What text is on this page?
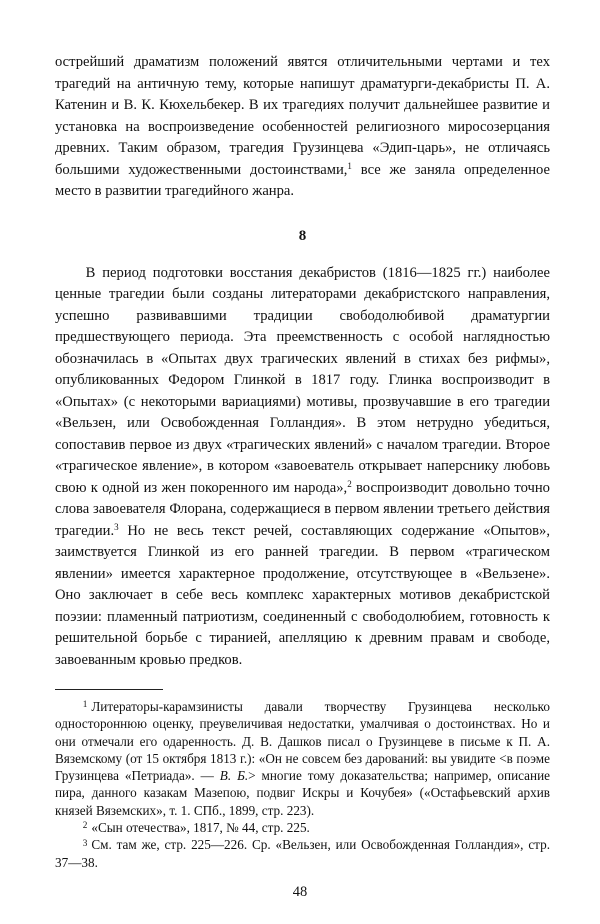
острейший драматизм положений явятся отличительными чертами и тех трагедий на античную тему, которые напишут драматурги-декабристы П. А. Катенин и В. К. Кюхельбекер. В их трагедиях получит дальнейшее развитие и установка на воспроизведение особенностей религиозного миросозерцания древних. Таким образом, трагедия Грузинцева «Эдип-царь», не отличаясь большими художественными достоинствами,$^1$ все же заняла определенное место в развитии трагедийного жанра.

8

В период подготовки восстания декабристов (1816—1825 гг.) наиболее ценные трагедии были созданы литераторами декабристского направления, успешно развивавшими традиции свободолюбивой драматургии предшествующего периода. Эта преемственность с особой наглядностью обозначилась в «Опытах двух трагических явлений в стихах без рифмы», опубликованных Федором Глинкой в 1817 году. Глинка воспроизводит в «Опытах» (с некоторыми вариациями) мотивы, прозвучавшие в его трагедии «Вельзен, или Освобожденная Голландия». В этом нетрудно убедиться, сопоставив первое из двух «трагических явлений» с началом трагедии. Второе «трагическое явление», в котором «завоеватель открывает наперснику любовь свою к одной из жен покоренного им народа»,$^2$ воспроизводит довольно точно слова завоевателя Флорана, содержащиеся в первом явлении третьего действия трагедии.$^3$ Но не весь текст речей, составляющих содержание «Опытов», заимствуется Глинкой из его ранней трагедии. В первом «трагическом явлении» имеется характерное продолжение, отсутствующее в «Вельзене». Оно заключает в себе весь комплекс характерных мотивов декабристской поэзии: пламенный патриотизм, соединенный с свободолюбием, готовность к решительной борьбе с тиранией, апелляцию к древним правам и свободе, завоеванным кровью предков.

$^1$ Литераторы-карамзинисты давали творчеству Грузинцева несколько одностороннюю оценку, преувеличивая недостатки, умалчивая о достоинствах. Но и они отмечали его одаренность. Д. В. Дашков писал о Грузинцеве в письме к П. А. Вяземскому (от 15 октября 1813 г.): «Он не совсем без дарований: вы увидите <в поэме Грузинцева «Петриада». — В. Б.> многие тому доказательства; например, описание пира, данного казакам Мазепою, подвиг Искры и Кочубея» («Остафьевский архив князей Вяземских», т. 1. СПб., 1899, стр. 223).

$^2$ «Сын отечества», 1817, № 44, стр. 225.

$^3$ См. там же, стр. 225—226. Ср. «Вельзен, или Освобожденная Голландия», стр. 37—38.

48
